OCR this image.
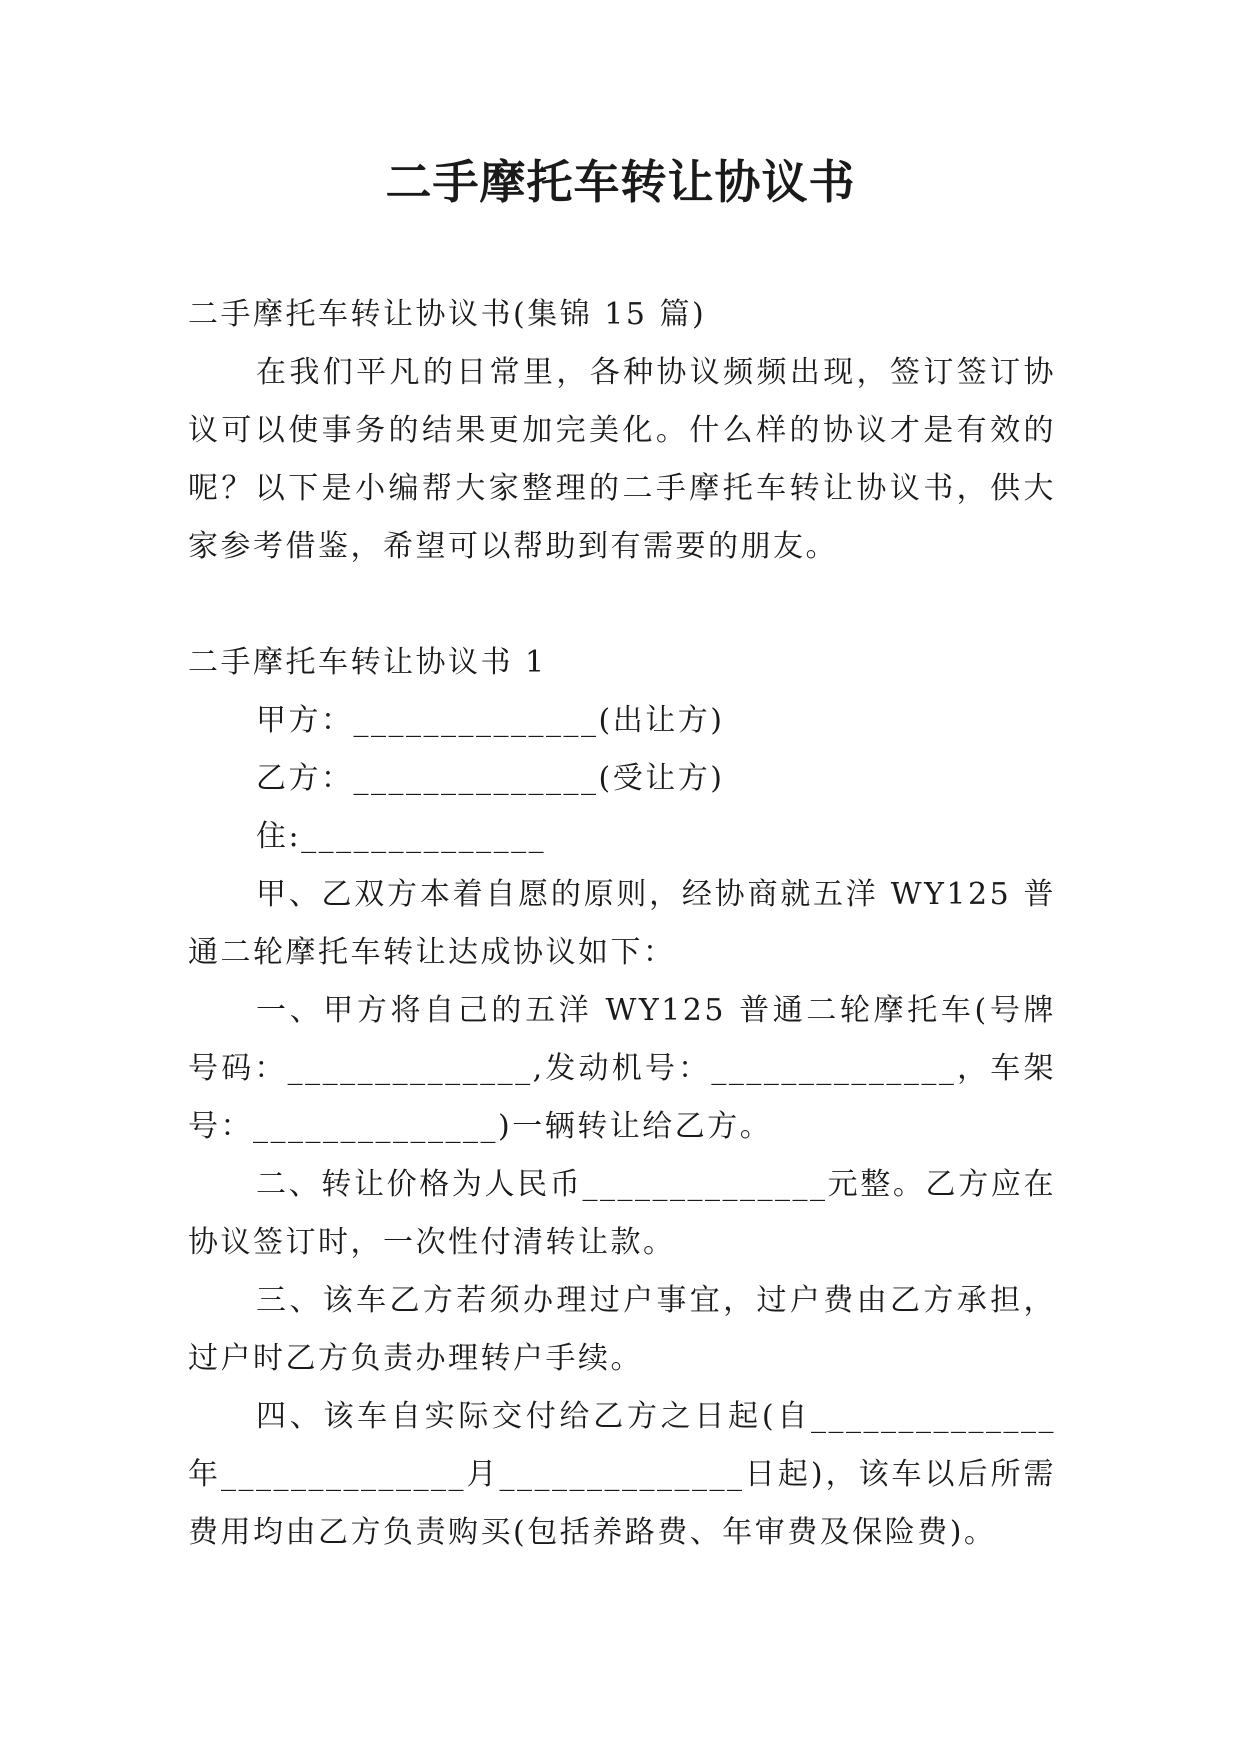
二手摩托车转让协议书

二手摩托车转让协议书(集锦 15 篇)

在我们平凡的日常里，各种协议频频出现，签订签订协议可以使事务的结果更加完美化。什么样的协议才是有效的呢？以下是小编帮大家整理的二手摩托车转让协议书，供大家参考借鉴，希望可以帮助到有需要的朋友。

二手摩托车转让协议书 1

甲方：______________(出让方)

乙方：______________(受让方)

住:______________

甲、乙双方本着自愿的原则，经协商就五洋 WY125 普通二轮摩托车转让达成协议如下：

一、甲方将自己的五洋 WY125 普通二轮摩托车(号牌号码：______________,发动机号：______________，车架号：______________)一辆转让给乙方。

二、转让价格为人民币______________元整。乙方应在协议签订时，一次性付清转让款。

三、该车乙方若须办理过户事宜，过户费由乙方承担，过户时乙方负责办理转户手续。

四、该车自实际交付给乙方之日起(自______________年______________月______________日起)，该车以后所需费用均由乙方负责购买(包括养路费、年审费及保险费)。
